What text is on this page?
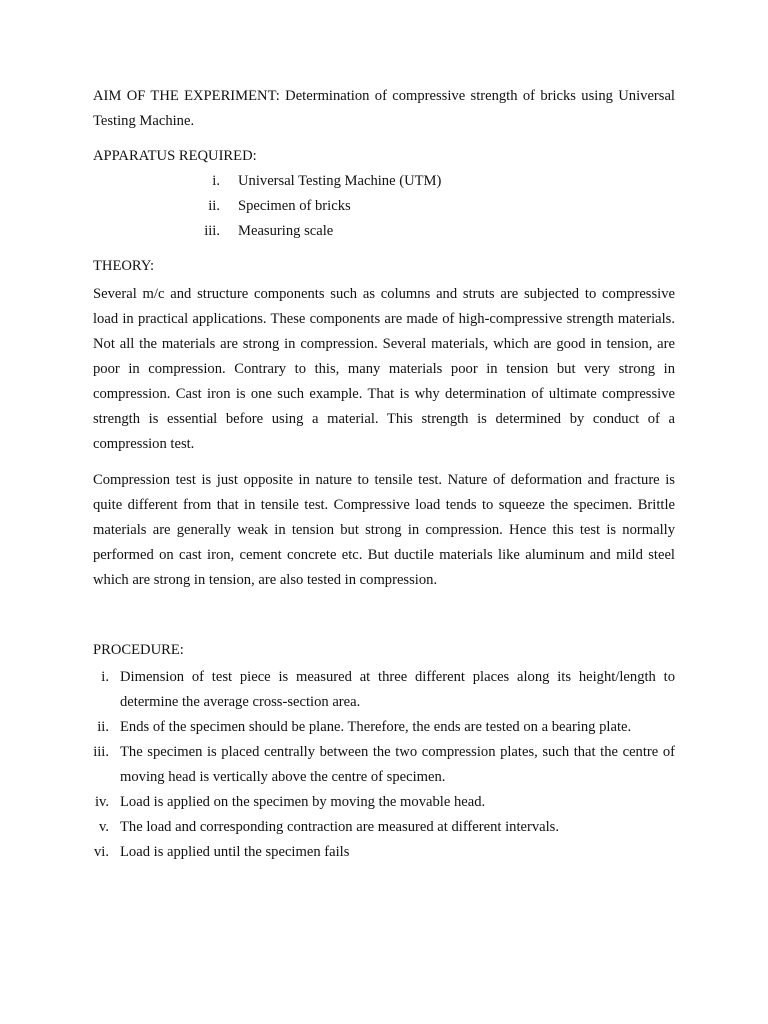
AIM OF THE EXPERIMENT: Determination of compressive strength of bricks using Universal Testing Machine.

APPARATUS REQUIRED:

i.	Universal Testing Machine (UTM)
ii.	Specimen of bricks
iii.	Measuring scale

THEORY:

Several m/c and structure components such as columns and struts are subjected to compressive load in practical applications. These components are made of high-compressive strength materials. Not all the materials are strong in compression. Several materials, which are good in tension, are poor in compression. Contrary to this, many materials poor in tension but very strong in compression. Cast iron is one such example. That is why determination of ultimate compressive strength is essential before using a material. This strength is determined by conduct of a compression test.

Compression test is just opposite in nature to tensile test. Nature of deformation and fracture is quite different from that in tensile test. Compressive load tends to squeeze the specimen. Brittle materials are generally weak in tension but strong in compression. Hence this test is normally performed on cast iron, cement concrete etc. But ductile materials like aluminum and mild steel which are strong in tension, are also tested in compression.

PROCEDURE:

i. Dimension of test piece is measured at three different places along its height/length to determine the average cross-section area.
ii. Ends of the specimen should be plane. Therefore, the ends are tested on a bearing plate.
iii. The specimen is placed centrally between the two compression plates, such that the centre of moving head is vertically above the centre of specimen.
iv. Load is applied on the specimen by moving the movable head.
v. The load and corresponding contraction are measured at different intervals.
vi. Load is applied until the specimen fails
